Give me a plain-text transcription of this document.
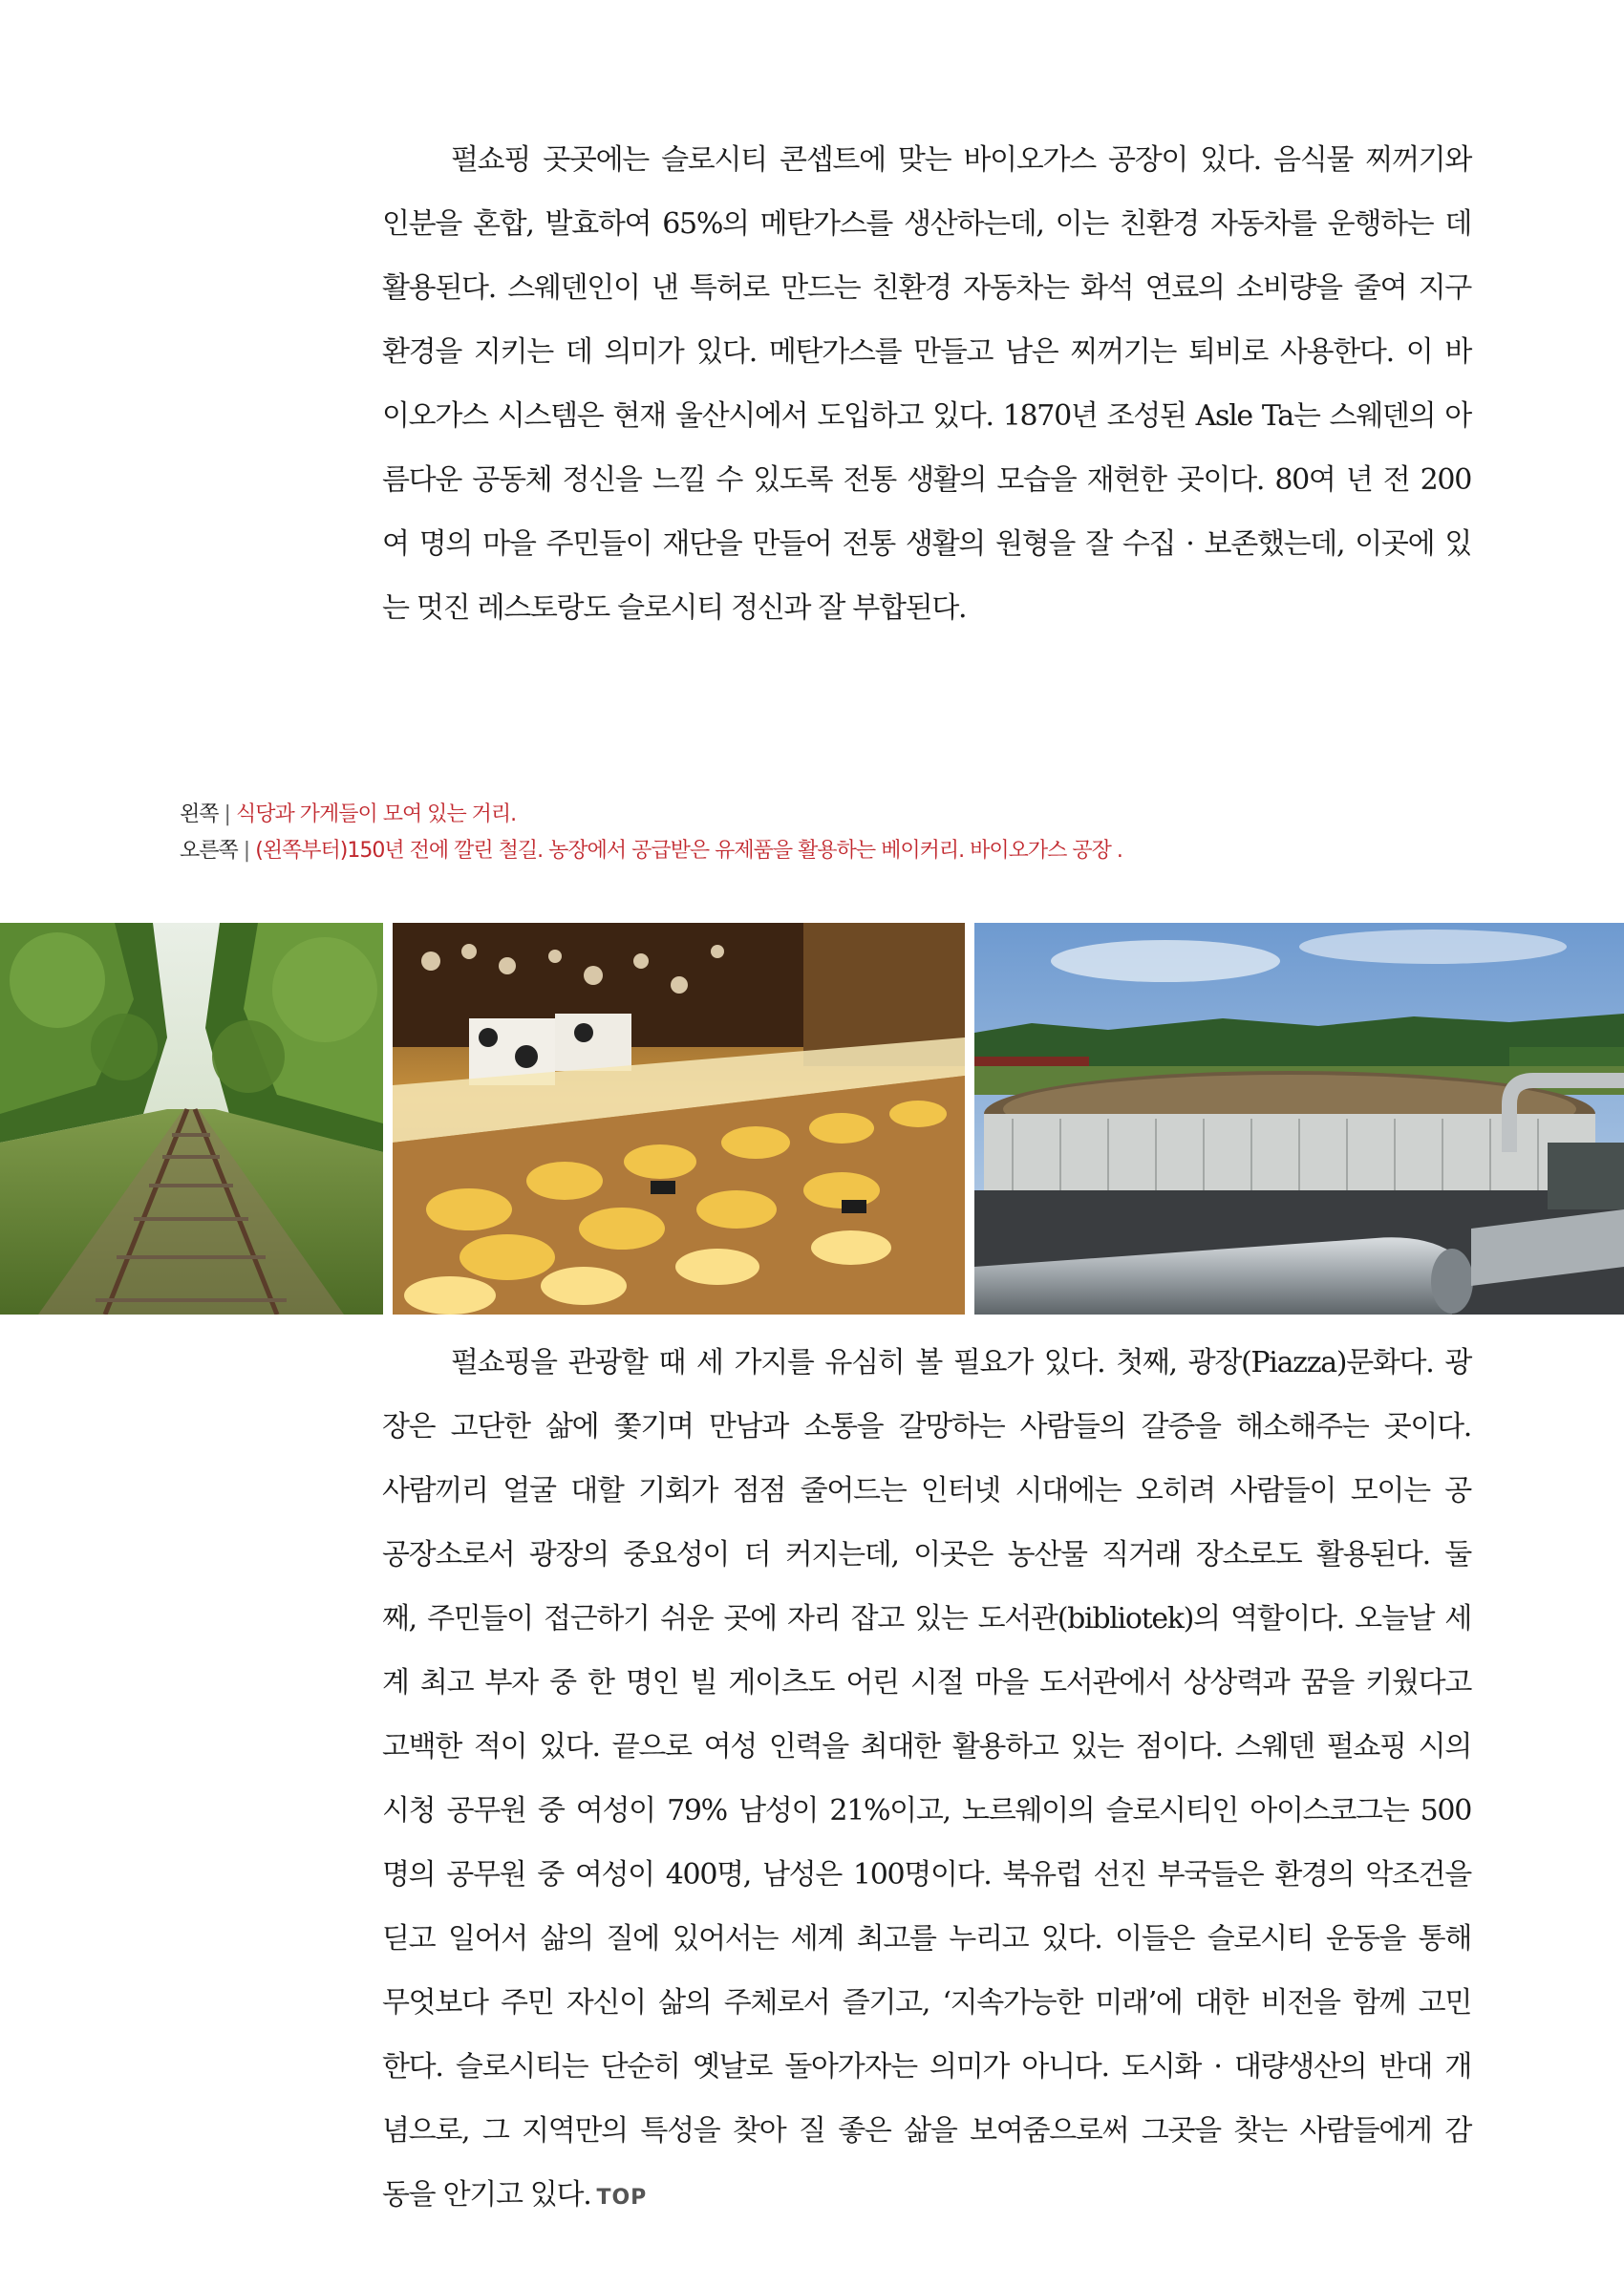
펄쇼핑 곳곳에는 슬로시티 콘셉트에 맞는 바이오가스 공장이 있다. 음식물 찌꺼기와

인분을 혼합, 발효하여 65%의 메탄가스를 생산하는데, 이는 친환경 자동차를 운행하는 데

활용된다. 스웨덴인이 낸 특허로 만드는 친환경 자동차는 화석 연료의 소비량을 줄여 지구

환경을 지키는 데 의미가 있다. 메탄가스를 만들고 남은 찌꺼기는 퇴비로 사용한다. 이 바

이오가스 시스템은 현재 울산시에서 도입하고 있다. 1870년 조성된 Asle Ta는 스웨덴의 아

름다운 공동체 정신을 느낄 수 있도록 전통 생활의 모습을 재현한 곳이다. 80여 년 전 200

여 명의 마을 주민들이 재단을 만들어 전통 생활의 원형을 잘 수집 · 보존했는데, 이곳에 있

는 멋진 레스토랑도 슬로시티 정신과 잘 부합된다.

왼쪽 | 식당과 가게들이 모여 있는 거리.
오른쪽 | (왼쪽부터)150년 전에 깔린 철길. 농장에서 공급받은 유제품을 활용하는 베이커리. 바이오가스 공장 .

펄쇼핑을 관광할 때 세 가지를 유심히 볼 필요가 있다. 첫째, 광장(Piazza)문화다. 광

장은 고단한 삶에 쫓기며 만남과 소통을 갈망하는 사람들의 갈증을 해소해주는 곳이다.

사람끼리 얼굴 대할 기회가 점점 줄어드는 인터넷 시대에는 오히려 사람들이 모이는 공

공장소로서 광장의 중요성이 더 커지는데, 이곳은 농산물 직거래 장소로도 활용된다. 둘

째, 주민들이 접근하기 쉬운 곳에 자리 잡고 있는 도서관(bibliotek)의 역할이다. 오늘날 세

계 최고 부자 중 한 명인 빌 게이츠도 어린 시절 마을 도서관에서 상상력과 꿈을 키웠다고

고백한 적이 있다. 끝으로 여성 인력을 최대한 활용하고 있는 점이다. 스웨덴 펄쇼핑 시의

시청 공무원 중 여성이 79% 남성이 21%이고, 노르웨이의 슬로시티인 아이스코그는 500

명의 공무원 중 여성이 400명, 남성은 100명이다. 북유럽 선진 부국들은 환경의 악조건을

딛고 일어서 삶의 질에 있어서는 세계 최고를 누리고 있다. 이들은 슬로시티 운동을 통해

무엇보다 주민 자신이 삶의 주체로서 즐기고, ‘지속가능한 미래’에 대한 비전을 함께 고민

한다. 슬로시티는 단순히 옛날로 돌아가자는 의미가 아니다. 도시화 · 대량생산의 반대 개

념으로, 그 지역만의 특성을 찾아 질 좋은 삶을 보여줌으로써 그곳을 찾는 사람들에게 감

동을 안기고 있다. TOP
